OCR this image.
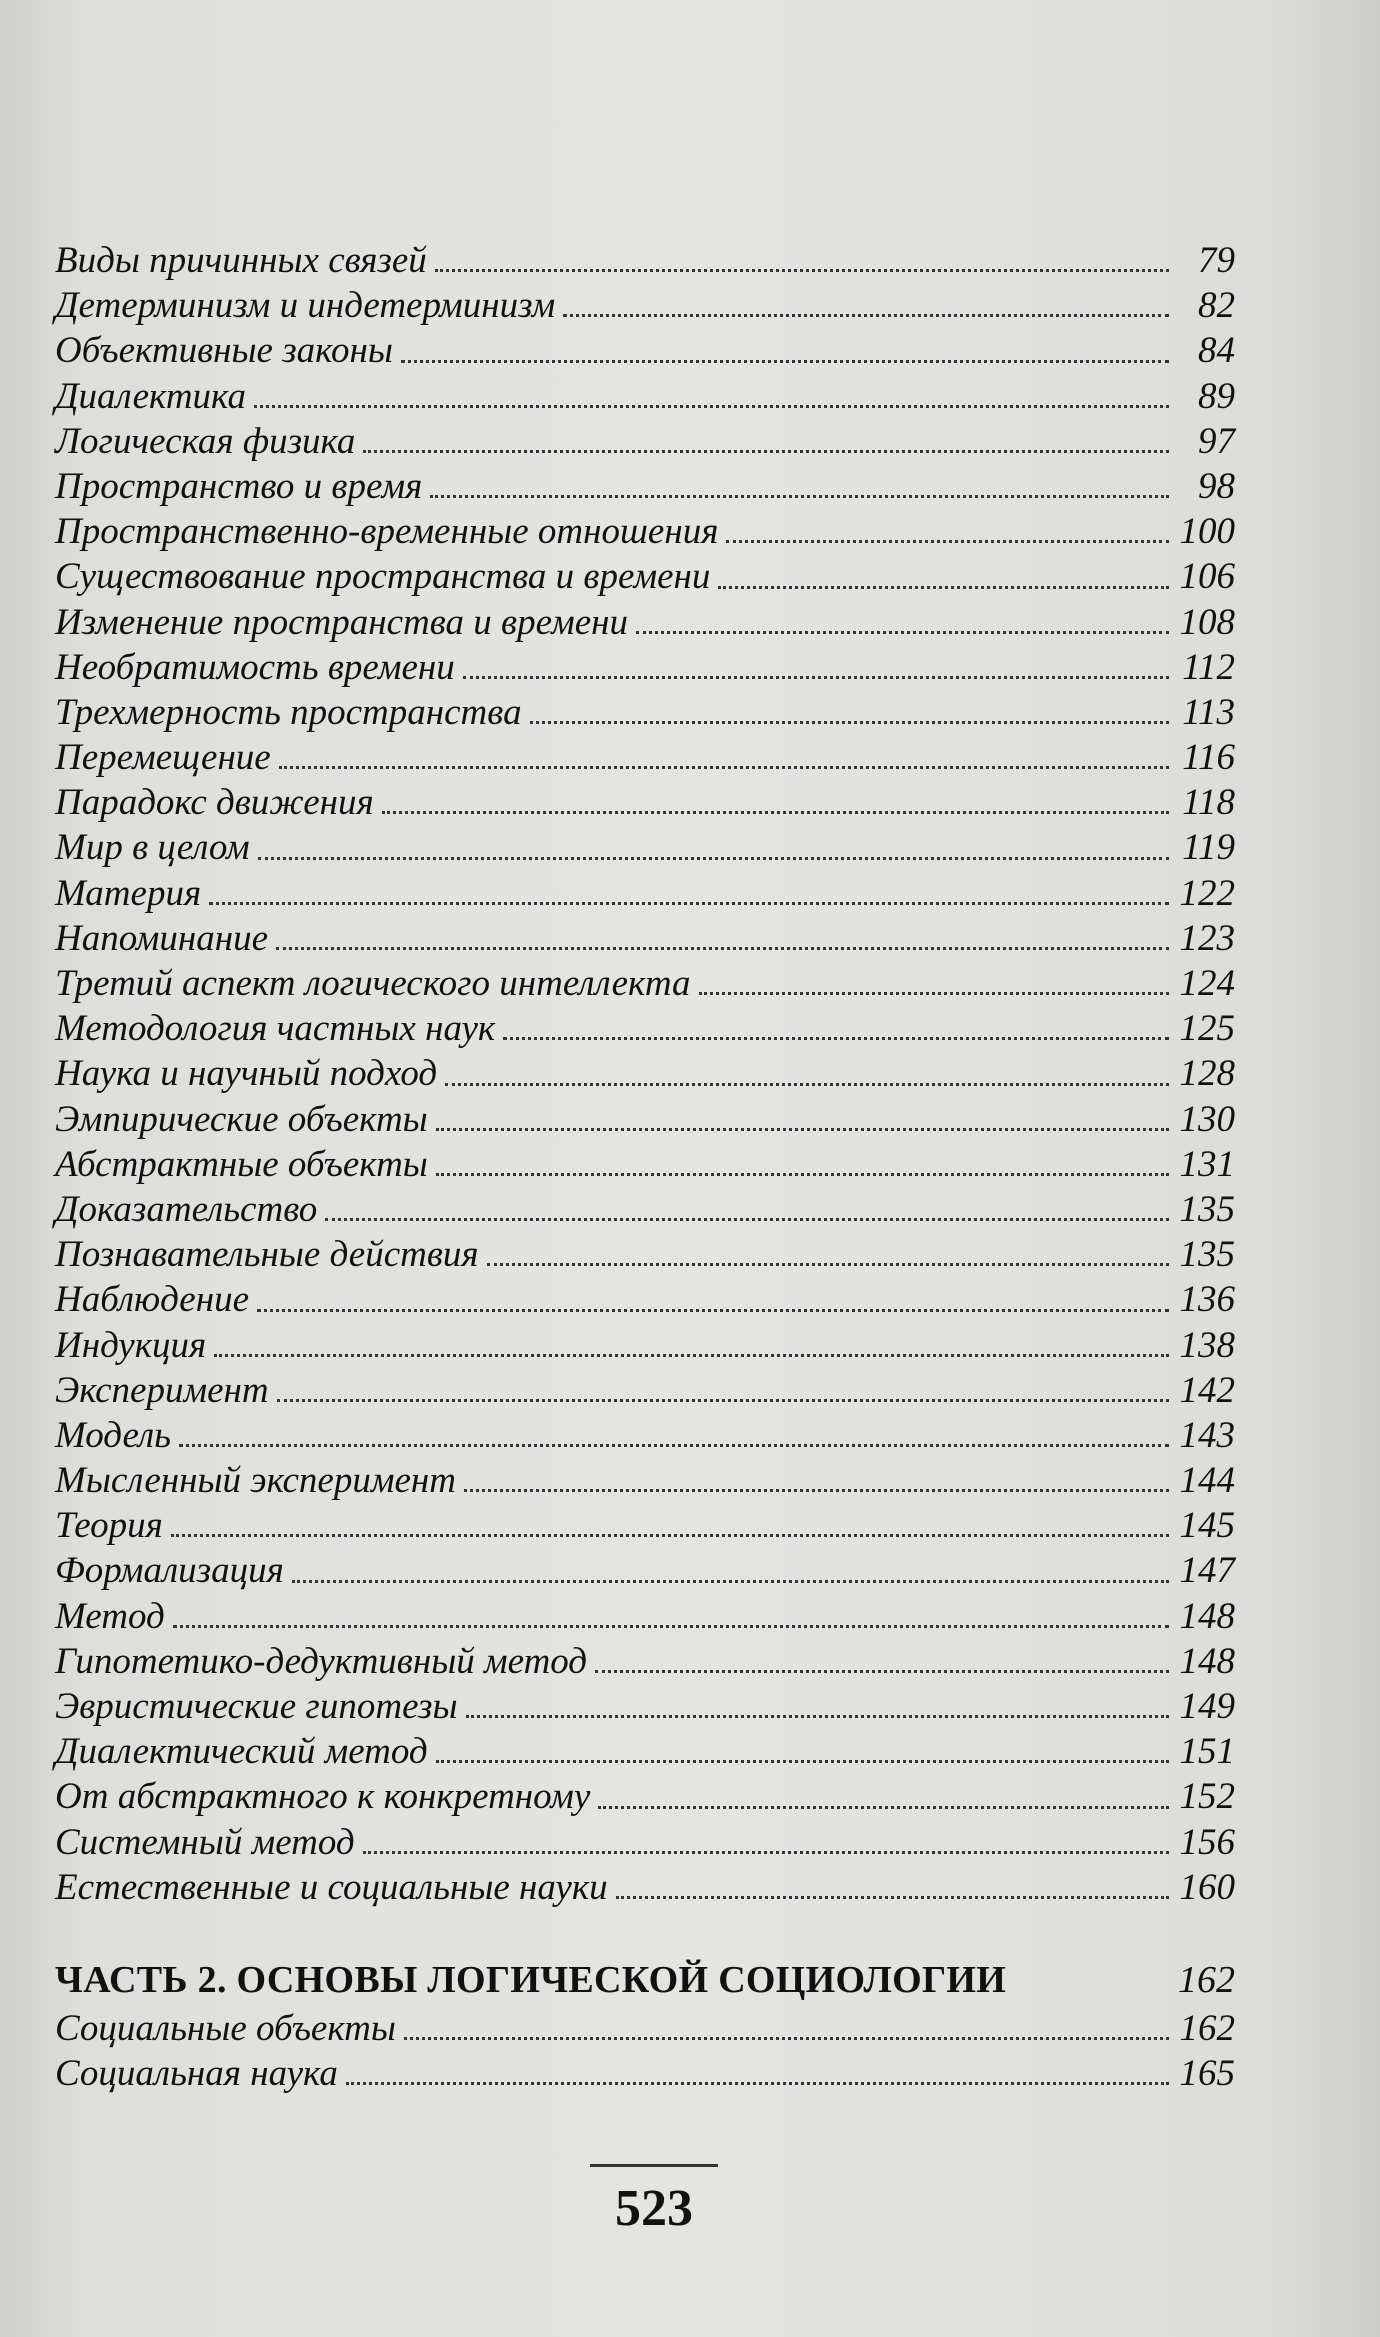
Виды причинных связей	79
Детерминизм и индетерминизм	82
Объективные законы	84
Диалектика	89
Логическая физика	97
Пространство и время	98
Пространственно-временные отношения	100
Существование пространства и времени	106
Изменение пространства и времени	108
Необратимость времени	112
Трехмерность пространства	113
Перемещение	116
Парадокс движения	118
Мир в целом	119
Материя	122
Напоминание	123
Третий аспект логического интеллекта	124
Методология частных наук	125
Наука и научный подход	128
Эмпирические объекты	130
Абстрактные объекты	131
Доказательство	135
Познавательные действия	135
Наблюдение	136
Индукция	138
Эксперимент	142
Модель	143
Мысленный эксперимент	144
Теория	145
Формализация	147
Метод	148
Гипотетико-дедуктивный метод	148
Эвристические гипотезы	149
Диалектический метод	151
От абстрактного к конкретному	152
Системный метод	156
Естественные и социальные науки	160
ЧАСТЬ 2. ОСНОВЫ ЛОГИЧЕСКОЙ СОЦИОЛОГИИ	162
Социальные объекты	162
Социальная наука	165
523
